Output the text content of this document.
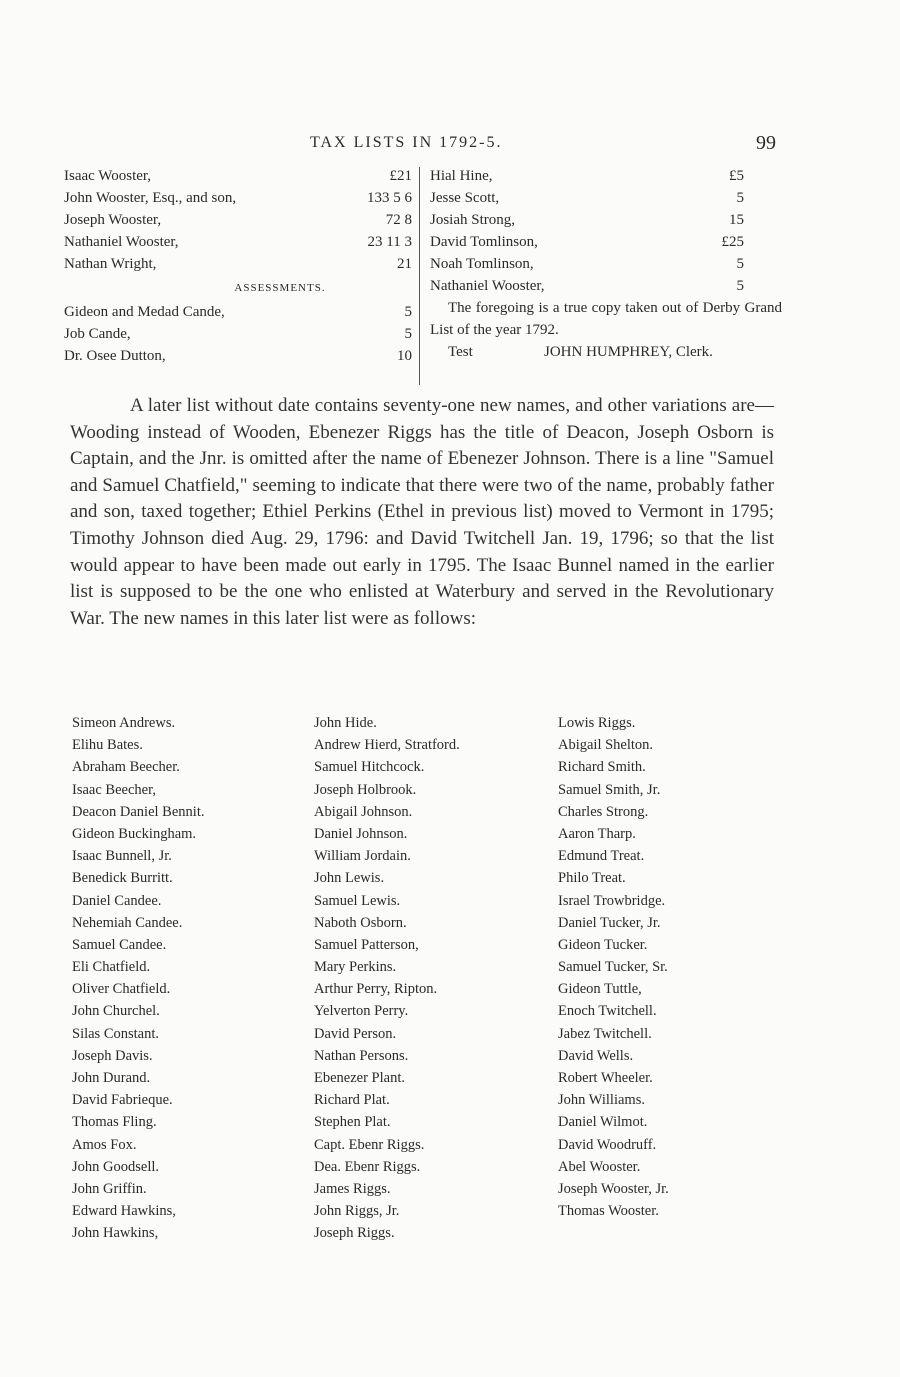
TAX LISTS IN 1792-5.	99
Isaac Wooster,	£21
John Wooster, Esq., and son,	133 5 6
Joseph Wooster,	72 8
Nathaniel Wooster,	23 11 3
Nathan Wright,	21
ASSESSMENTS.
Gideon and Medad Cande,	5
Job Cande,	5
Dr. Osee Dutton,	10
Hial Hine,	£5
Jesse Scott,	5
Josiah Strong,	15
David Tomlinson,	£25
Noah Tomlinson,	5
Nathaniel Wooster,	5
The foregoing is a true copy taken out of Derby Grand List of the year 1792.
Test	JOHN HUMPHREY, Clerk.
A later list without date contains seventy-one new names, and other variations are—Wooding instead of Wooden, Ebenezer Riggs has the title of Deacon, Joseph Osborn is Captain, and the Jnr. is omitted after the name of Ebenezer Johnson. There is a line "Samuel and Samuel Chatfield," seeming to indicate that there were two of the name, probably father and son, taxed together; Ethiel Perkins (Ethel in previous list) moved to Vermont in 1795; Timothy Johnson died Aug. 29, 1796: and David Twitchell Jan. 19, 1796; so that the list would appear to have been made out early in 1795. The Isaac Bunnel named in the earlier list is supposed to be the one who enlisted at Waterbury and served in the Revolutionary War. The new names in this later list were as follows:
Simeon Andrews.
Elihu Bates.
Abraham Beecher.
Isaac Beecher,
Deacon Daniel Bennit.
Gideon Buckingham.
Isaac Bunnell, Jr.
Benedick Burritt.
Daniel Candee.
Nehemiah Candee.
Samuel Candee.
Eli Chatfield.
Oliver Chatfield.
John Churchel.
Silas Constant.
Joseph Davis.
John Durand.
David Fabrieque.
Thomas Fling.
Amos Fox.
John Goodsell.
John Griffin.
Edward Hawkins,
John Hawkins,
John Hide.
Andrew Hierd, Stratford.
Samuel Hitchcock.
Joseph Holbrook.
Abigail Johnson.
Daniel Johnson.
William Jordain.
John Lewis.
Samuel Lewis.
Naboth Osborn.
Samuel Patterson,
Mary Perkins.
Arthur Perry, Ripton.
Yelverton Perry.
David Person.
Nathan Persons.
Ebenezer Plant.
Richard Plat.
Stephen Plat.
Capt. Ebenr Riggs.
Dea. Ebenr Riggs.
James Riggs.
John Riggs, Jr.
Joseph Riggs.
Lowis Riggs.
Abigail Shelton.
Richard Smith.
Samuel Smith, Jr.
Charles Strong.
Aaron Tharp.
Edmund Treat.
Philo Treat.
Israel Trowbridge.
Daniel Tucker, Jr.
Gideon Tucker.
Samuel Tucker, Sr.
Gideon Tuttle,
Enoch Twitchell.
Jabez Twitchell.
David Wells.
Robert Wheeler.
John Williams.
Daniel Wilmot.
David Woodruff.
Abel Wooster.
Joseph Wooster, Jr.
Thomas Wooster.
